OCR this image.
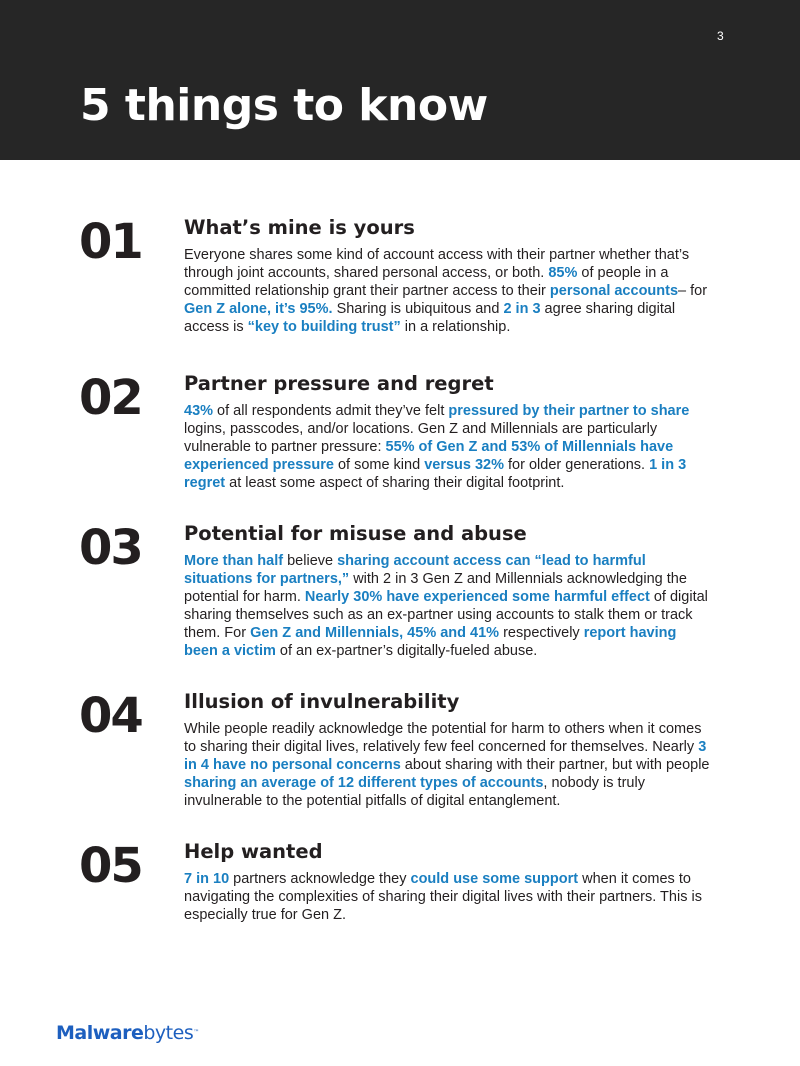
3
5 things to know
01 What’s mine is yours

Everyone shares some kind of account access with their partner whether that’s through joint accounts, shared personal access, or both. 85% of people in a committed relationship grant their partner access to their personal accounts– for Gen Z alone, it’s 95%. Sharing is ubiquitous and 2 in 3 agree sharing digital access is “key to building trust” in a relationship.

02 Partner pressure and regret

43% of all respondents admit they’ve felt pressured by their partner to share logins, passcodes, and/or locations. Gen Z and Millennials are particularly vulnerable to partner pressure: 55% of Gen Z and 53% of Millennials have experienced pressure of some kind versus 32% for older generations. 1 in 3 regret at least some aspect of sharing their digital footprint.

03 Potential for misuse and abuse

More than half believe sharing account access can “lead to harmful situations for partners,” with 2 in 3 Gen Z and Millennials acknowledging the potential for harm. Nearly 30% have experienced some harmful effect of digital sharing themselves such as an ex-partner using accounts to stalk them or track them. For Gen Z and Millennials, 45% and 41% respectively report having been a victim of an ex-partner’s digitally-fueled abuse.

04 Illusion of invulnerability

While people readily acknowledge the potential for harm to others when it comes to sharing their digital lives, relatively few feel concerned for themselves. Nearly 3 in 4 have no personal concerns about sharing with their partner, but with people sharing an average of 12 different types of accounts, nobody is truly invulnerable to the potential pitfalls of digital entanglement.

05 Help wanted

7 in 10 partners acknowledge they could use some support when it comes to navigating the complexities of sharing their digital lives with their partners. This is especially true for Gen Z.

Malwarebytes™
